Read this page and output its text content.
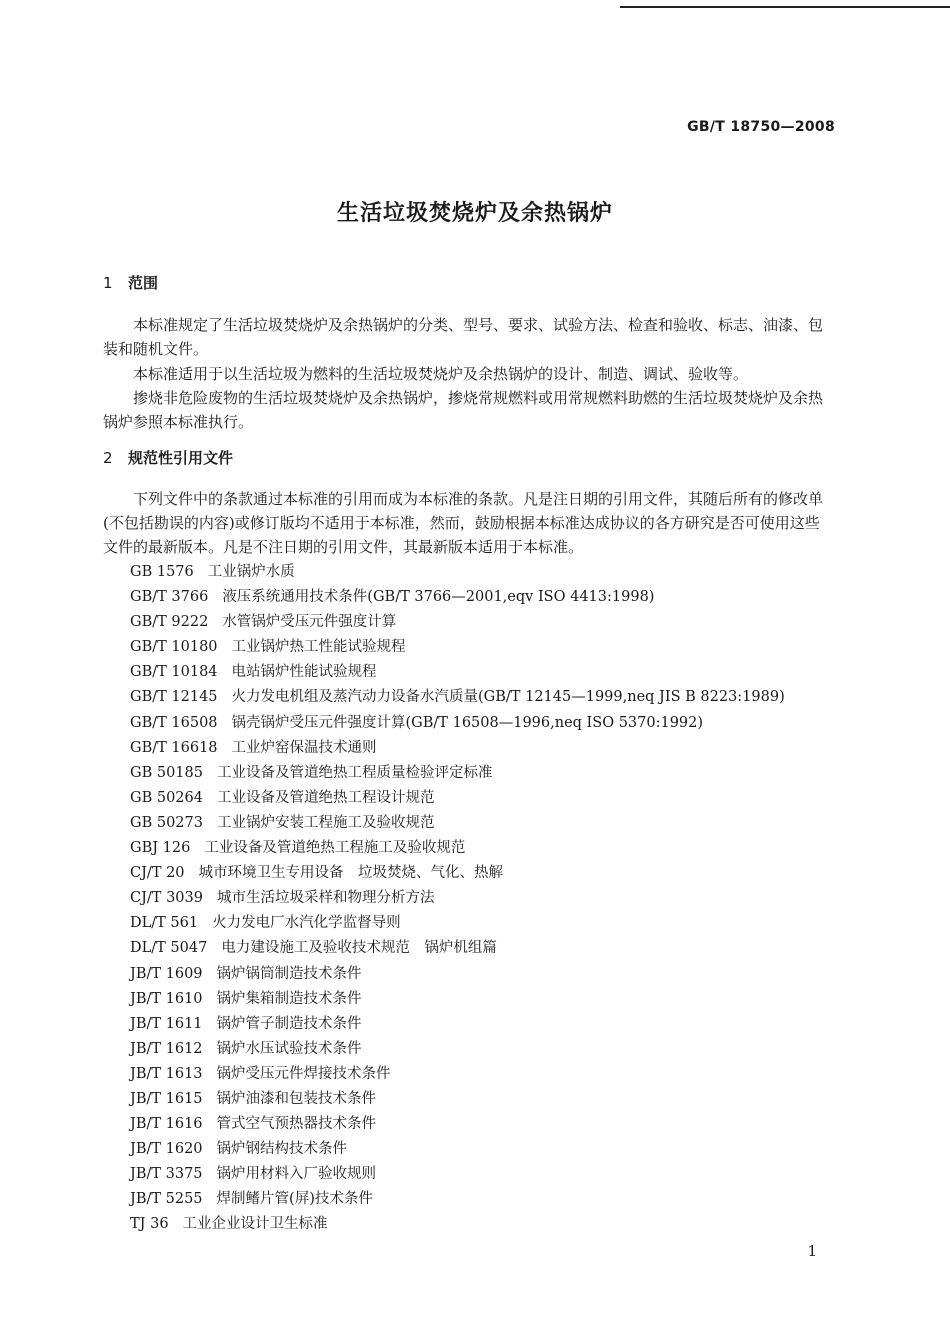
GB/T 18750—2008
生活垃圾焚烧炉及余热锅炉
1 范围

本标准规定了生活垃圾焚烧炉及余热锅炉的分类、型号、要求、试验方法、检查和验收、标志、油漆、包装和随机文件。

本标准适用于以生活垃圾为燃料的生活垃圾焚烧炉及余热锅炉的设计、制造、调试、验收等。

掺烧非危险废物的生活垃圾焚烧炉及余热锅炉，掺烧常规燃料或用常规燃料助燃的生活垃圾焚烧炉及余热锅炉参照本标准执行。

2 规范性引用文件

下列文件中的条款通过本标准的引用而成为本标准的条款。凡是注日期的引用文件，其随后所有的修改单(不包括勘误的内容)或修订版均不适用于本标准，然而，鼓励根据本标准达成协议的各方研究是否可使用这些文件的最新版本。凡是不注日期的引用文件，其最新版本适用于本标准。

GB 1576 工业锅炉水质
GB/T 3766 液压系统通用技术条件(GB/T 3766—2001,eqv ISO 4413:1998)
GB/T 9222 水管锅炉受压元件强度计算
GB/T 10180 工业锅炉热工性能试验规程
GB/T 10184 电站锅炉性能试验规程
GB/T 12145 火力发电机组及蒸汽动力设备水汽质量(GB/T 12145—1999,neq JIS B 8223:1989)
GB/T 16508 锅壳锅炉受压元件强度计算(GB/T 16508—1996,neq ISO 5370:1992)
GB/T 16618 工业炉窑保温技术通则
GB 50185 工业设备及管道绝热工程质量检验评定标准
GB 50264 工业设备及管道绝热工程设计规范
GB 50273 工业锅炉安装工程施工及验收规范
GBJ 126 工业设备及管道绝热工程施工及验收规范
CJ/T 20 城市环境卫生专用设备　垃圾焚烧、气化、热解
CJ/T 3039 城市生活垃圾采样和物理分析方法
DL/T 561 火力发电厂水汽化学监督导则
DL/T 5047 电力建设施工及验收技术规范　锅炉机组篇
JB/T 1609 锅炉锅筒制造技术条件
JB/T 1610 锅炉集箱制造技术条件
JB/T 1611 锅炉管子制造技术条件
JB/T 1612 锅炉水压试验技术条件
JB/T 1613 锅炉受压元件焊接技术条件
JB/T 1615 锅炉油漆和包装技术条件
JB/T 1616 管式空气预热器技术条件
JB/T 1620 锅炉钢结构技术条件
JB/T 3375 锅炉用材料入厂验收规则
JB/T 5255 焊制鳍片管(屏)技术条件
TJ 36 工业企业设计卫生标准
1
